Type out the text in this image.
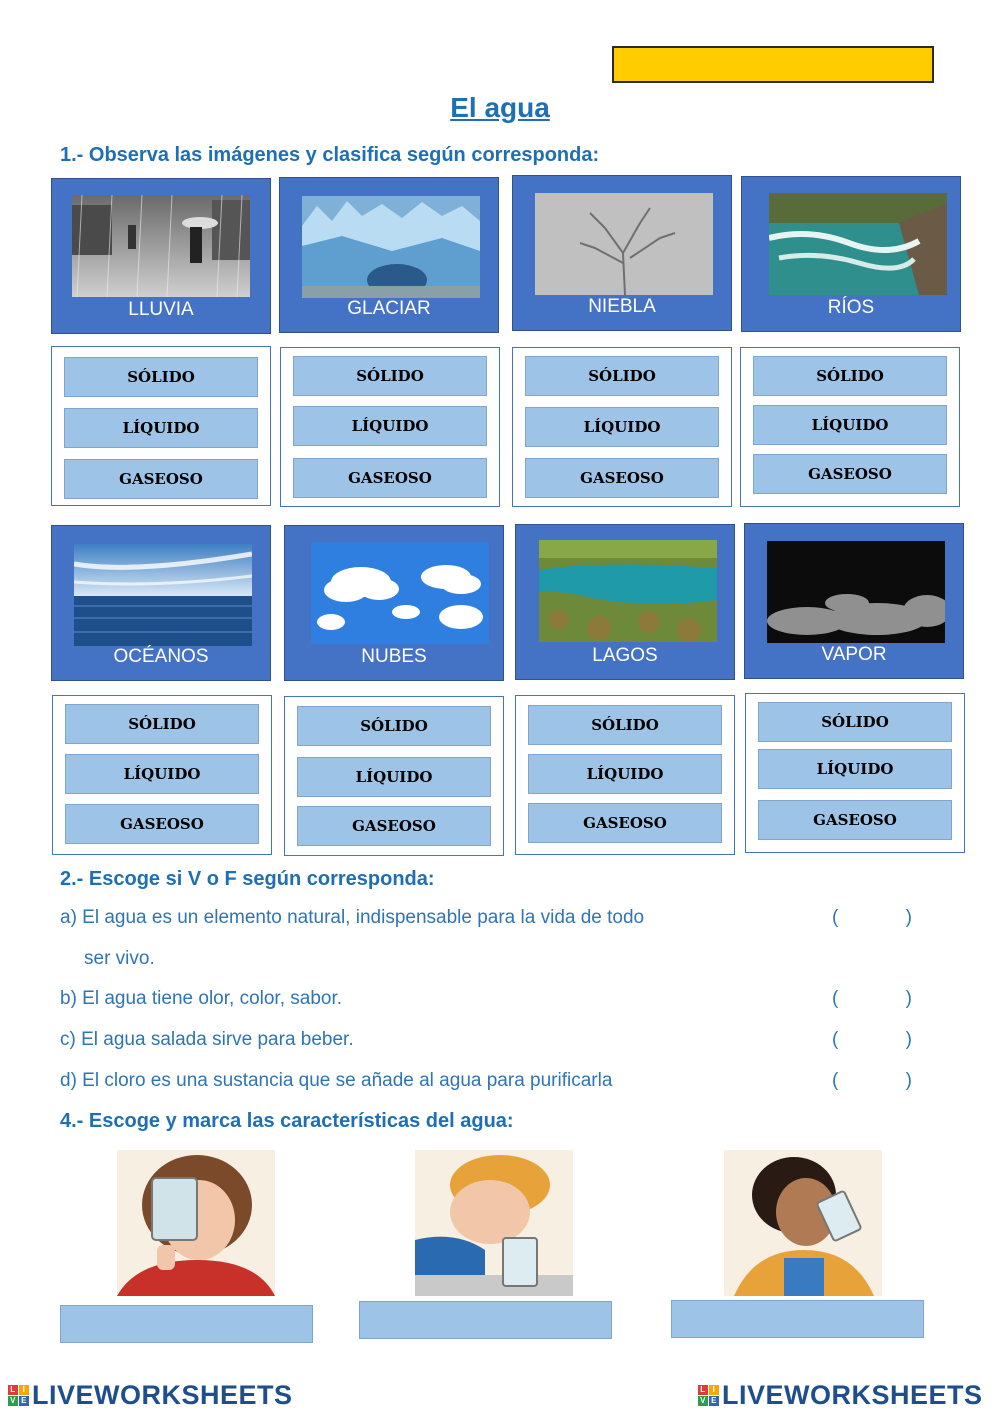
El agua
1.- Observa las imágenes y clasifica según corresponda:
LLUVIA	GLACIAR	NIEBLA	RÍOS
SÓLIDO
LÍQUIDO
GASEOSO
SÓLIDO
LÍQUIDO
GASEOSO
SÓLIDO
LÍQUIDO
GASEOSO
SÓLIDO
LÍQUIDO
GASEOSO
OCÉANOS	NUBES	LAGOS	VAPOR
SÓLIDO
LÍQUIDO
GASEOSO
SÓLIDO
LÍQUIDO
GASEOSO
SÓLIDO
LÍQUIDO
GASEOSO
SÓLIDO
LÍQUIDO
GASEOSO
2.- Escoge si V o F según corresponda:
a) El agua es un elemento natural, indispensable para la vida de todo	(	)
ser vivo.
b) El agua tiene olor, color, sabor.	(	)
c) El agua salada sirve para beber.	(	)
d) El cloro es una sustancia que se añade al agua para purificarla	(	)
4.- Escoge y marca las características del agua:
L I
V E LIVEWORKSHEETS	L I
V E LIVEWORKSHEETS
